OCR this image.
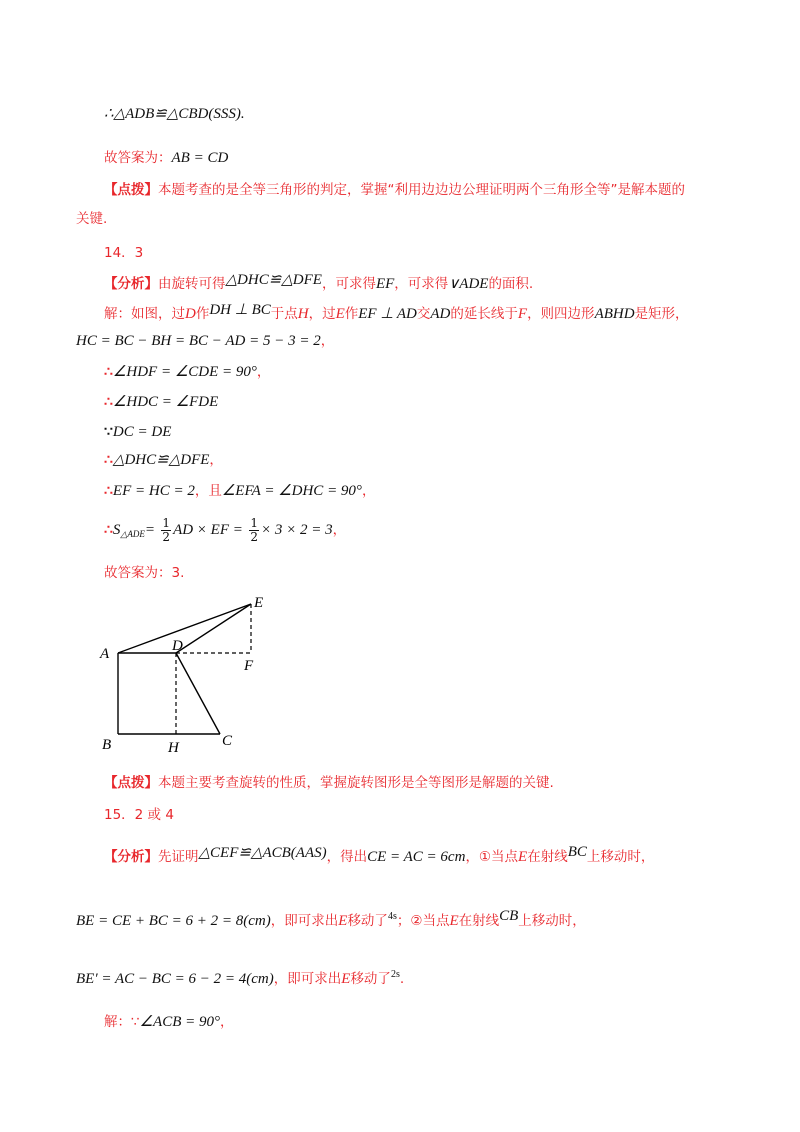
∴△ADB≌△CBD(SSS).
故答案为：AB = CD
【点拨】本题考查的是全等三角形的判定，掌握“利用边边边公理证明两个三角形全等”是解本题的
关键.
14．3
【分析】由旋转可得△DHC≌△DFE，可求得EF，可求得∨ADE的面积.
解：如图，过D作DH ⊥ BC于点H，过E作EF ⊥ AD交AD的延长线于F，则四边形ABHD是矩形，
HC = BC − BH = BC − AD = 5 − 3 = 2，
∴∠HDF = ∠CDE = 90°，
∴∠HDC = ∠FDE
∵DC = DE
∴△DHC≌△DFE，
∴EF = HC = 2，且∠EFA = ∠DHC = 90°，
$\therefore S_{\triangle ADE}= \frac{1}{2}$ AD × EF = $\frac{1}{2} \times 3 \times 2 = 3$，
故答案为：3.
A
B	C
D
E
F
H
【点拨】本题主要考查旋转的性质，掌握旋转图形是全等图形是解题的关键.
15．2 或 4
【分析】先证明△CEF≌△ACB(AAS)，得出CE = AC = 6cm，①当点E在射线BC上移动时，
BE = CE + BC = 6 + 2 = 8(cm)，即可求出E移动了$^{4s}$；②当点E在射线CB上移动时，
BE′ = AC − BC = 6 − 2 = 4(cm)，即可求出E移动了$^{2s}$.
解：∵∠ACB = 90°，
